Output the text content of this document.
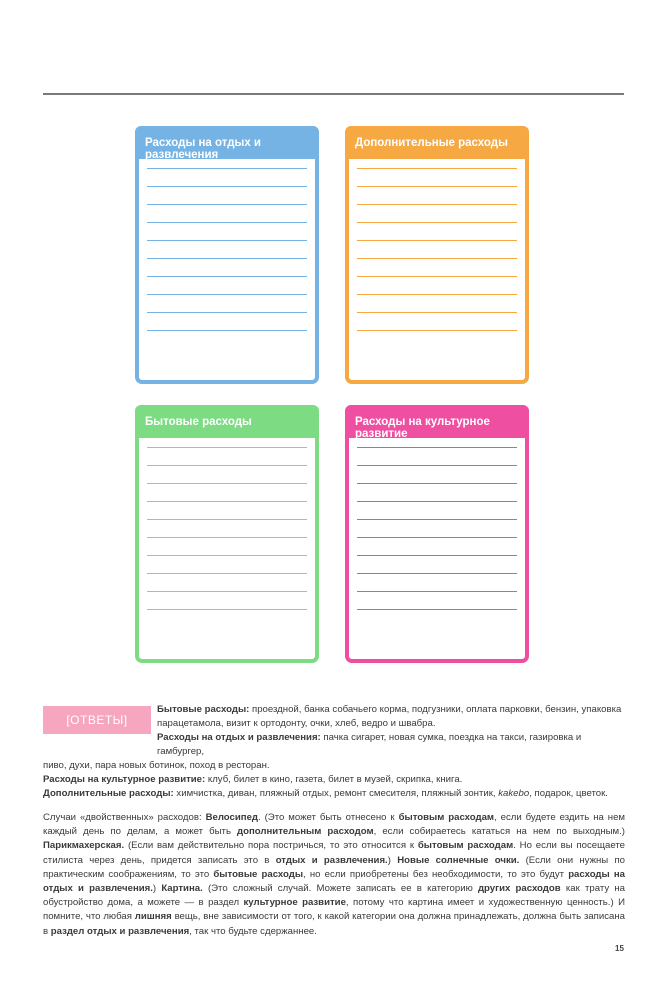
Расходы на отдых и развлечения
Дополнительные расходы
Бытовые расходы	Расходы на культурное развитие
[ОТВЕТЫ]

Бытовые расходы: проездной, банка собачьего корма, подгузники, оплата парковки, бензин, упаковка парацетамола, визит к ортодонту, очки, хлеб, ведро и швабра.

Расходы на отдых и развлечения: пачка сигарет, новая сумка, поездка на такси, газировка и гамбургер,

пиво, духи, пара новых ботинок, поход в ресторан.

Расходы на культурное развитие: клуб, билет в кино, газета, билет в музей, скрипка, книга.

Дополнительные расходы: химчистка, диван, пляжный отдых, ремонт смесителя, пляжный зонтик, kakebo, подарок, цветок.

Случаи «двойственных» расходов: Велосипед. (Это может быть отнесено к бытовым расходам, если будете ездить на нем каждый день по делам, а может быть дополнительным расходом, если собираетесь кататься на нем по выходным.) Парикмахерская. (Если вам действительно пора постричься, то это относится к бытовым расходам. Но если вы посещаете стилиста через день, придется записать это в отдых и развлечения.) Новые солнечные очки. (Если они нужны по практическим соображениям, то это бытовые расходы, но если приобретены без необходимости, то это будут расходы на отдых и развлечения.) Картина. (Это сложный случай. Можете записать ее в категорию других расходов как трату на обустройство дома, а можете — в раздел культурное развитие, потому что картина имеет и художественную ценность.) И помните, что любая лишняя вещь, вне зависимости от того, к какой категории она должна принадлежать, должна быть записана в раздел отдых и развлечения, так что будьте сдержаннее.
15
